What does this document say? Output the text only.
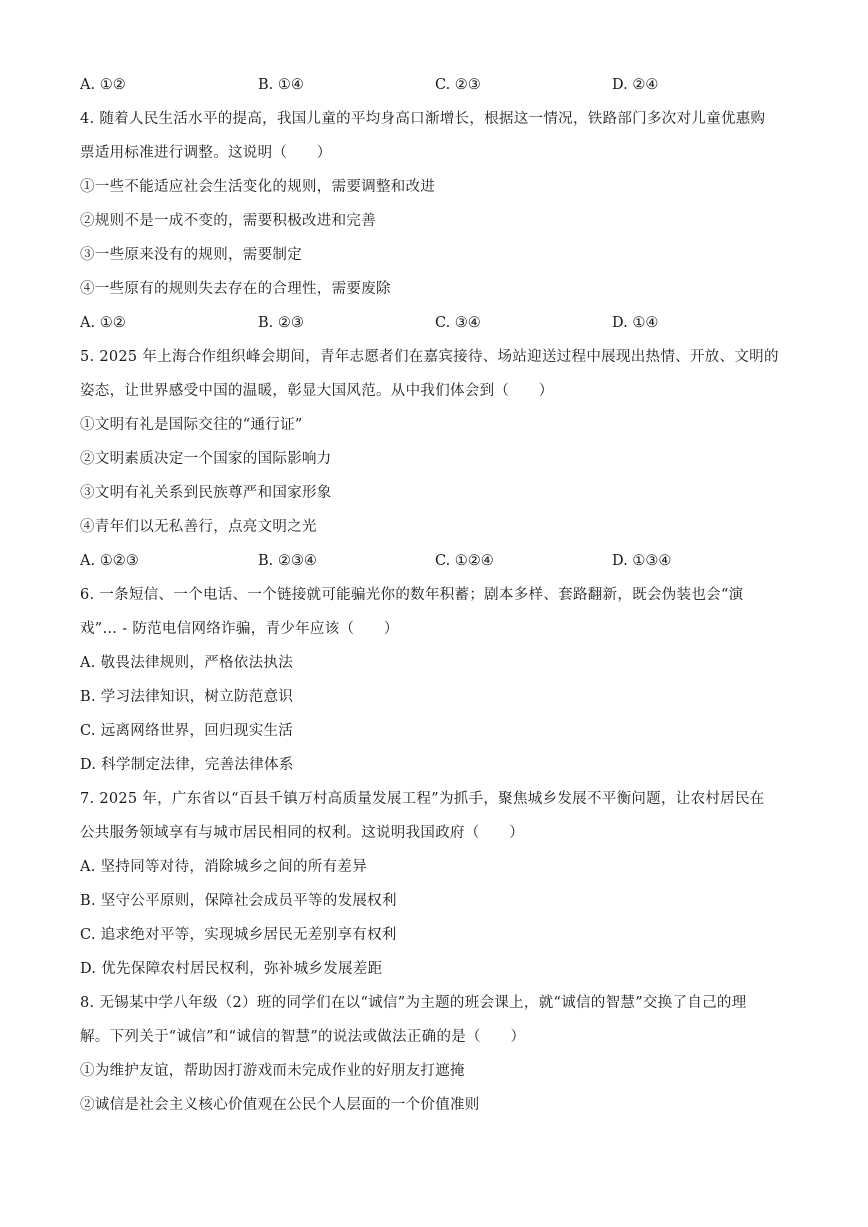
A. ①②	B. ①④	C. ②③	D. ②④
4. 随着人民生活水平的提高，我国儿童的平均身高口渐增长，根据这一情况，铁路部门多次对儿童优惠购
票适用标准进行调整。这说明（　　）
①一些不能适应社会生活变化的规则，需要调整和改进
②规则不是一成不变的，需要积极改进和完善
③一些原来没有的规则，需要制定
④一些原有的规则失去存在的合理性，需要废除
A. ①②	B. ②③	C. ③④	D. ①④
5. 2025 年上海合作组织峰会期间，青年志愿者们在嘉宾接待、场站迎送过程中展现出热情、开放、文明的
姿态，让世界感受中国的温暖，彰显大国风范。从中我们体会到（　　）
①文明有礼是国际交往的“通行证”
②文明素质决定一个国家的国际影响力
③文明有礼关系到民族尊严和国家形象
④青年们以无私善行，点亮文明之光
A. ①②③	B. ②③④	C. ①②④	D. ①③④
6. 一条短信、一个电话、一个链接就可能骗光你的数年积蓄；剧本多样、套路翻新，既会伪装也会“演
戏”… - 防范电信网络诈骗，青少年应该（　　）
A. 敬畏法律规则，严格依法执法
B. 学习法律知识，树立防范意识
C. 远离网络世界，回归现实生活
D. 科学制定法律，完善法律体系
7. 2025 年，广东省以“百县千镇万村高质量发展工程”为抓手，聚焦城乡发展不平衡问题，让农村居民在
公共服务领域享有与城市居民相同的权利。这说明我国政府（　　）
A. 坚持同等对待，消除城乡之间的所有差异
B. 坚守公平原则，保障社会成员平等的发展权利
C. 追求绝对平等，实现城乡居民无差别享有权利
D. 优先保障农村居民权利，弥补城乡发展差距
8. 无锡某中学八年级（2）班的同学们在以“诚信”为主题的班会课上，就“诚信的智慧”交换了自己的理
解。下列关于“诚信”和“诚信的智慧”的说法或做法正确的是（　　）
①为维护友谊，帮助因打游戏而未完成作业的好朋友打遮掩
②诚信是社会主义核心价值观在公民个人层面的一个价值准则
